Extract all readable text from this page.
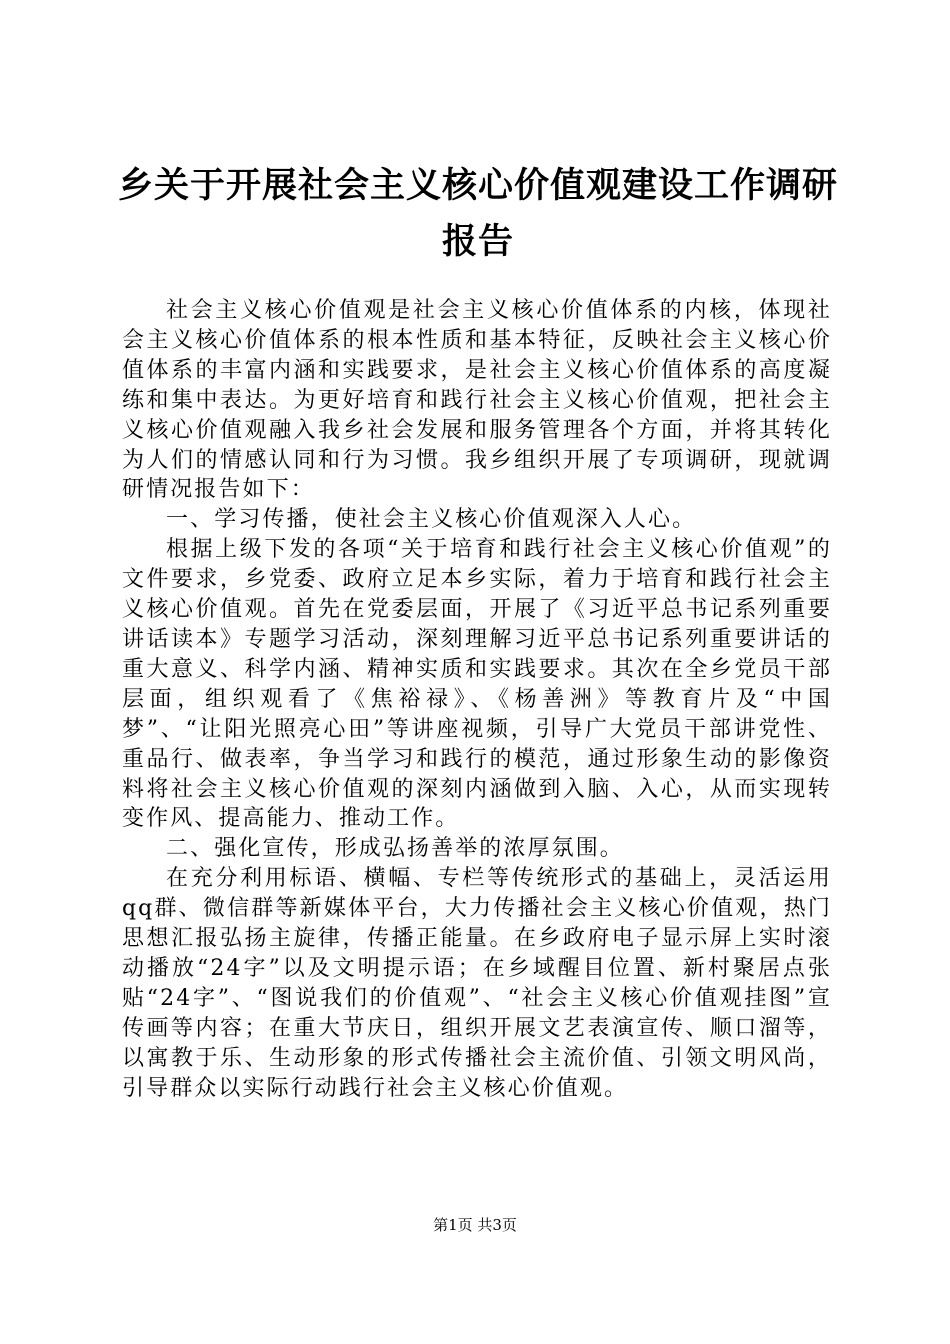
乡关于开展社会主义核心价值观建设工作调研报告

社会主义核心价值观是社会主义核心价值体系的内核，体现社会主义核心价值体系的根本性质和基本特征，反映社会主义核心价值体系的丰富内涵和实践要求，是社会主义核心价值体系的高度凝练和集中表达。为更好培育和践行社会主义核心价值观，把社会主义核心价值观融入我乡社会发展和服务管理各个方面，并将其转化为人们的情感认同和行为习惯。我乡组织开展了专项调研，现就调研情况报告如下：

一、学习传播，使社会主义核心价值观深入人心。

根据上级下发的各项“关于培育和践行社会主义核心价值观”的文件要求，乡党委、政府立足本乡实际，着力于培育和践行社会主义核心价值观。首先在党委层面，开展了《习近平总书记系列重要讲话读本》专题学习活动，深刻理解习近平总书记系列重要讲话的重大意义、科学内涵、精神实质和实践要求。其次在全乡党员干部层面，组织观看了《焦裕禄》、《杨善洲》等教育片及“中国梦”、“让阳光照亮心田”等讲座视频，引导广大党员干部讲党性、重品行、做表率，争当学习和践行的模范，通过形象生动的影像资料将社会主义核心价值观的深刻内涵做到入脑、入心，从而实现转变作风、提高能力、推动工作。

二、强化宣传，形成弘扬善举的浓厚氛围。

在充分利用标语、横幅、专栏等传统形式的基础上，灵活运用qq群、微信群等新媒体平台，大力传播社会主义核心价值观，热门思想汇报弘扬主旋律，传播正能量。在乡政府电子显示屏上实时滚动播放“24字”以及文明提示语；在乡域醒目位置、新村聚居点张贴“24字”、“图说我们的价值观”、“社会主义核心价值观挂图”宣传画等内容；在重大节庆日，组织开展文艺表演宣传、顺口溜等，以寓教于乐、生动形象的形式传播社会主流价值、引领文明风尚，引导群众以实际行动践行社会主义核心价值观。

第1页 共3页
